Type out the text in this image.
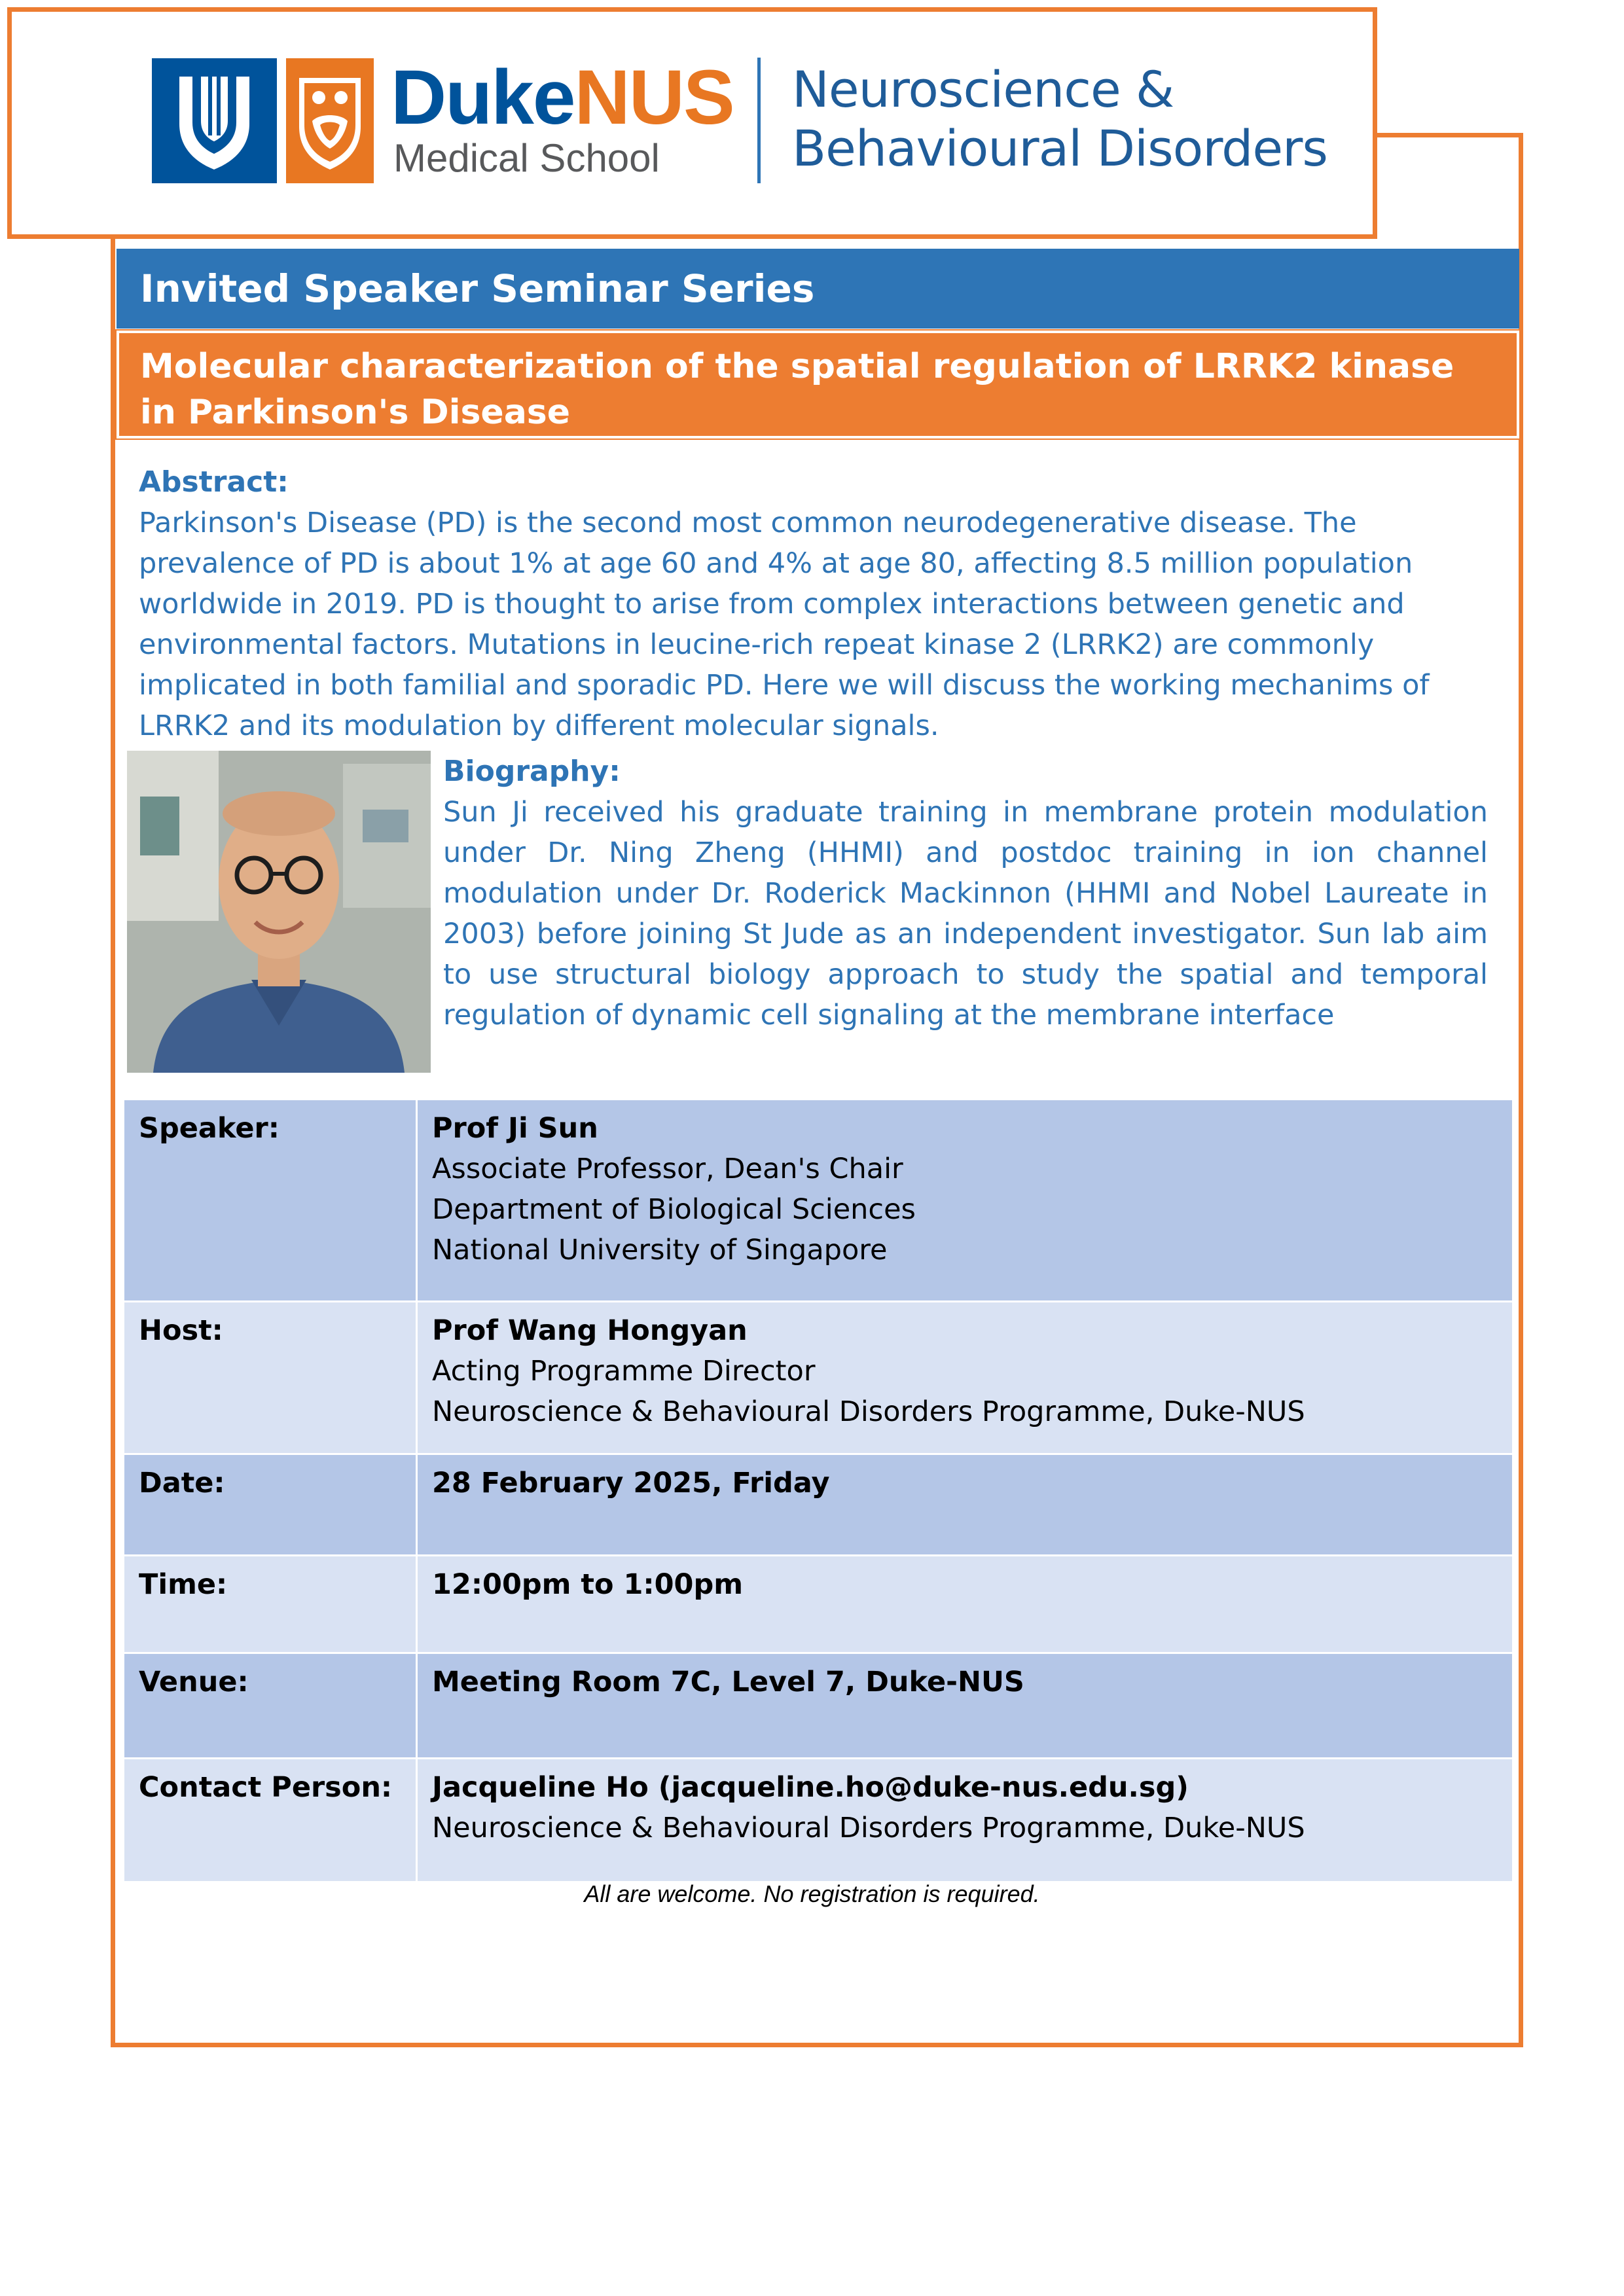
DukeNUS
Medical School
Neuroscience &
Behavioural Disorders
Invited Speaker Seminar Series
Molecular characterization of the spatial regulation of LRRK2 kinase in Parkinson's Disease
Abstract:

Parkinson's Disease (PD) is the second most common neurodegenerative disease. The prevalence of PD is about 1% at age 60 and 4% at age 80, affecting 8.5 million population worldwide in 2019. PD is thought to arise from complex interactions between genetic and environmental factors. Mutations in leucine-rich repeat kinase 2 (LRRK2) are commonly implicated in both familial and sporadic PD. Here we will discuss the working mechanims of LRRK2 and its modulation by different molecular signals.

Biography:

Sun Ji received his graduate training in membrane protein modulation under Dr. Ning Zheng (HHMI) and postdoc training in ion channel modulation under Dr. Roderick Mackinnon (HHMI and Nobel Laureate in 2003) before joining St Jude as an independent investigator. Sun lab aim to use structural biology approach to study the spatial and temporal regulation of dynamic cell signaling at the membrane interface

Speaker:	Prof Ji Sun
Associate Professor, Dean's Chair
Department of Biological Sciences
National University of Singapore
Host:	Prof Wang Hongyan
Acting Programme Director
Neuroscience & Behavioural Disorders Programme, Duke-NUS
Date:	28 February 2025, Friday
Time:	12:00pm to 1:00pm
Venue:	Meeting Room 7C, Level 7, Duke-NUS
Contact Person:	Jacqueline Ho (jacqueline.ho@duke-nus.edu.sg)
Neuroscience & Behavioural Disorders Programme, Duke-NUS
All are welcome. No registration is required.
